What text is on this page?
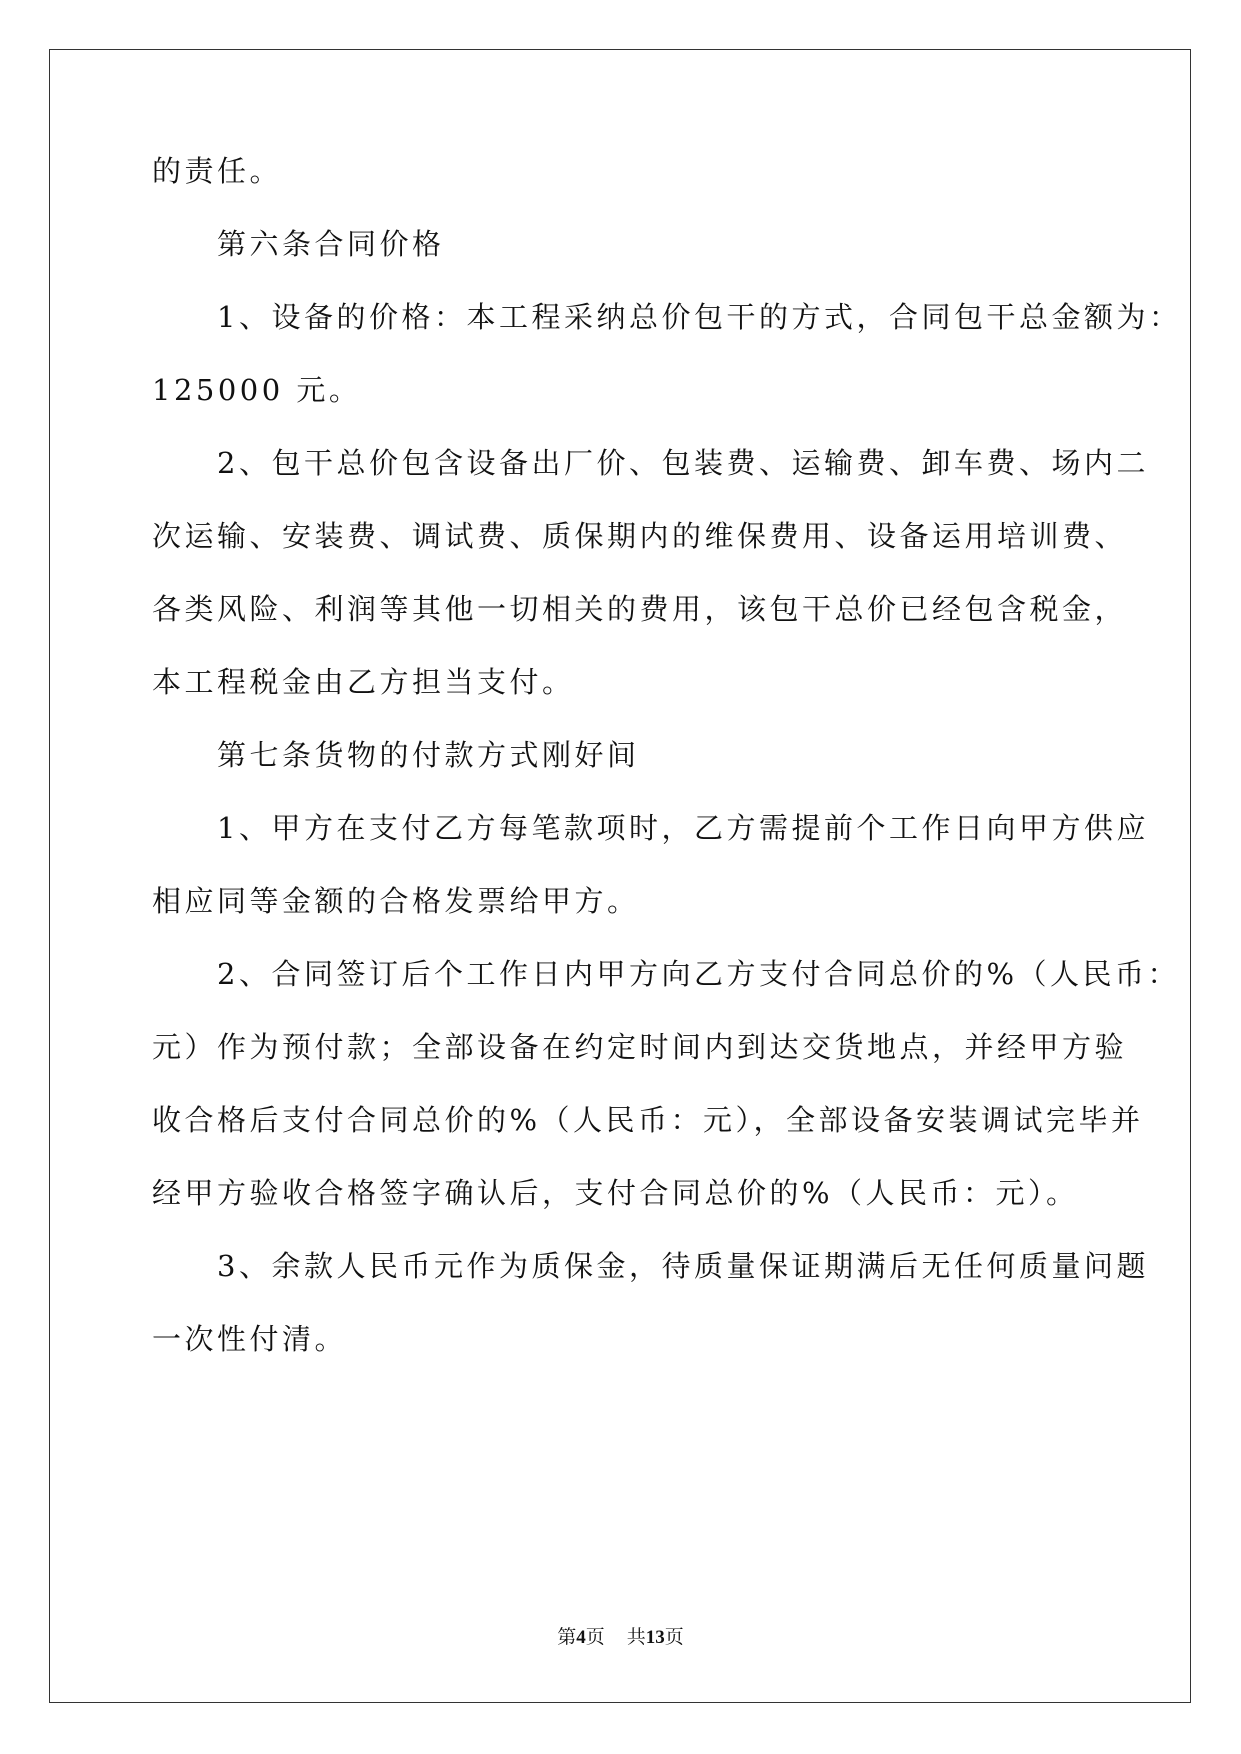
的责任。
　　第六条合同价格
　　1、设备的价格：本工程采纳总价包干的方式，合同包干总金额为：
125000 元。
　　2、包干总价包含设备出厂价、包装费、运输费、卸车费、场内二
次运输、安装费、调试费、质保期内的维保费用、设备运用培训费、
各类风险、利润等其他一切相关的费用，该包干总价已经包含税金，
本工程税金由乙方担当支付。
　　第七条货物的付款方式刚好间
　　1、甲方在支付乙方每笔款项时，乙方需提前个工作日向甲方供应
相应同等金额的合格发票给甲方。
　　2、合同签订后个工作日内甲方向乙方支付合同总价的%（人民币：
元）作为预付款；全部设备在约定时间内到达交货地点，并经甲方验
收合格后支付合同总价的%（人民币：元），全部设备安装调试完毕并
经甲方验收合格签字确认后，支付合同总价的%（人民币：元）。
　　3、余款人民币元作为质保金，待质量保证期满后无任何质量问题
一次性付清。
第4页 共13页
